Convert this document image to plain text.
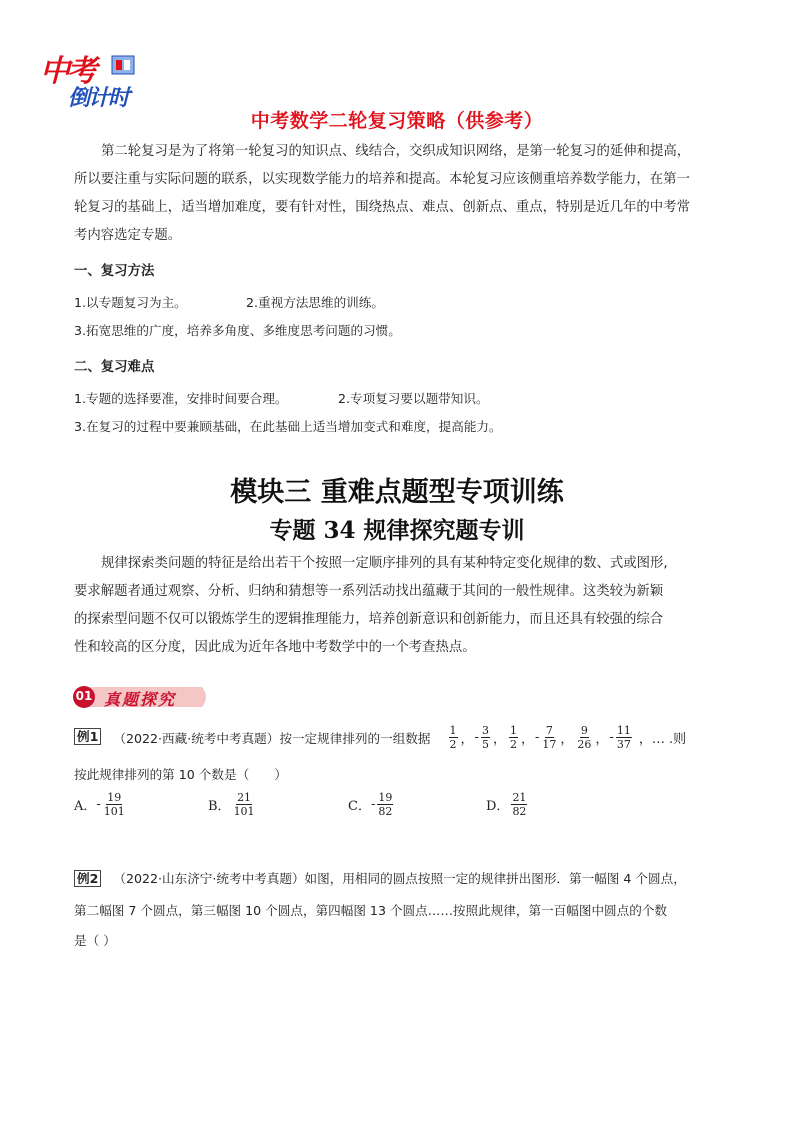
中考
倒计时
中考数学二轮复习策略（供参考）
第二轮复习是为了将第一轮复习的知识点、线结合，交织成知识网络，是第一轮复习的延伸和提高，
所以要注重与实际问题的联系，以实现数学能力的培养和提高。本轮复习应该侧重培养数学能力，在第一
轮复习的基础上，适当增加难度，要有针对性，围绕热点、难点、创新点、重点，特别是近几年的中考常
考内容选定专题。
一、复习方法
1.以专题复习为主。	2.重视方法思维的训练。
3.拓宽思维的广度，培养多角度、多维度思考问题的习惯。
二、复习难点
1.专题的选择要准，安排时间要合理。	2.专项复习要以题带知识。
3.在复习的过程中要兼顾基础，在此基础上适当增加变式和难度，提高能力。
模块三 重难点题型专项训练
专题 34 规律探究题专训
规律探索类问题的特征是给出若干个按照一定顺序排列的具有某种特定变化规律的数、式或图形,
要求解题者通过观察、分析、归纳和猜想等一系列活动找出蕴藏于其间的一般性规律。这类较为新颖
的探索型问题不仅可以锻炼学生的逻辑推理能力，培养创新意识和创新能力，而且还具有较强的综合
性和较高的区分度，因此成为近年各地中考数学中的一个考查热点。
01 真题探究
例1 （2022·西藏·统考中考真题）按一定规律排列的一组数据 $\frac{1}{2}$ ，- $\frac{3}{5}$ ， $\frac{1}{2}$ ，- $\frac{7}{17}$ ， $\frac{9}{26}$ ，- $\frac{11}{37}$ ，… .则
按此规律排列的第 10 个数是（　　）
A．- $\frac{19}{101}$	B． $\frac{21}{101}$	C．- $\frac{19}{82}$	D． $\frac{21}{82}$
例2 （2022·山东济宁·统考中考真题）如图，用相同的圆点按照一定的规律拼出图形．第一幅图 4 个圆点，
第二幅图 7 个圆点，第三幅图 10 个圆点，第四幅图 13 个圆点……按照此规律，第一百幅图中圆点的个数
是（ ）
